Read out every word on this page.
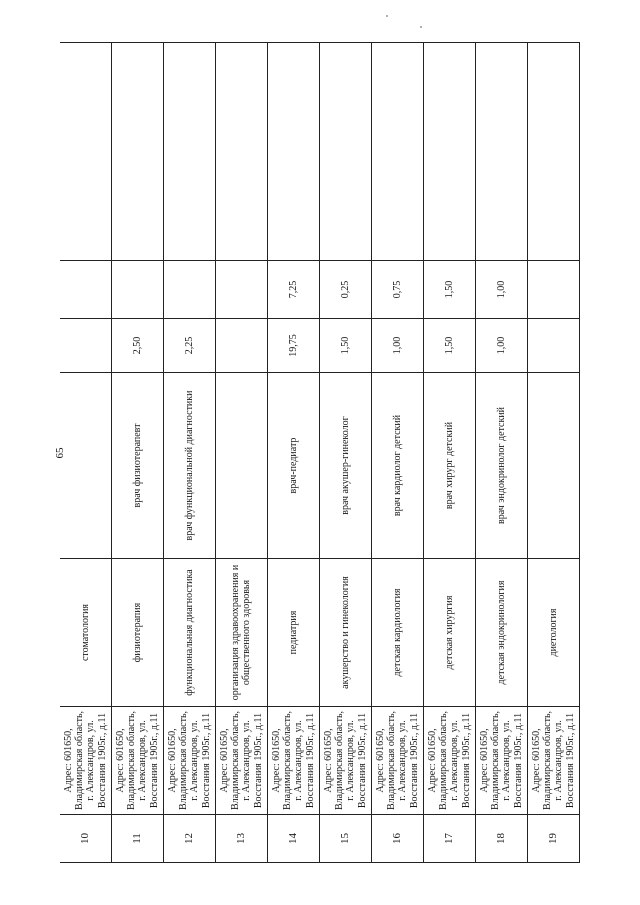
65
10	Адрес: 601650, Владимирская область, г. Александров, ул. Восстания 1905г., д.11	стоматология				
11	Адрес: 601650, Владимирская область, г. Александров, ул. Восстания 1905г., д.11	физиотерапия	врач физиотерапевт	2,50		
12	Адрес: 601650, Владимирская область, г. Александров, ул. Восстания 1905г., д.11	функциональная диагностика	врач функциональной диагностики	2,25		
13	Адрес: 601650, Владимирская область, г. Александров, ул. Восстания 1905г., д.11	организация здравоохранения и общественного здоровья				
14	Адрес: 601650, Владимирская область, г. Александров, ул. Восстания 1905г., д.11	педиатрия	врач-педиатр	19,75	7,25	
15	Адрес: 601650, Владимирская область, г. Александров, ул. Восстания 1905г., д.11	акушерство и гинекология	врач акушер-гинеколог	1,50	0,25	
16	Адрес: 601650, Владимирская область, г. Александров, ул. Восстания 1905г., д.11	детская кардиология	врач кардиолог детский	1,00	0,75	
17	Адрес: 601650, Владимирская область, г. Александров, ул. Восстания 1905г., д.11	детская хирургия	врач хирург детский	1,50	1,50	
18	Адрес: 601650, Владимирская область, г. Александров, ул. Восстания 1905г., д.11	детская эндокринология	врач эндокринолог детский	1,00	1,00	
19	Адрес: 601650, Владимирская область, г. Александров, ул. Восстания 1905г., д.11	диетология				
